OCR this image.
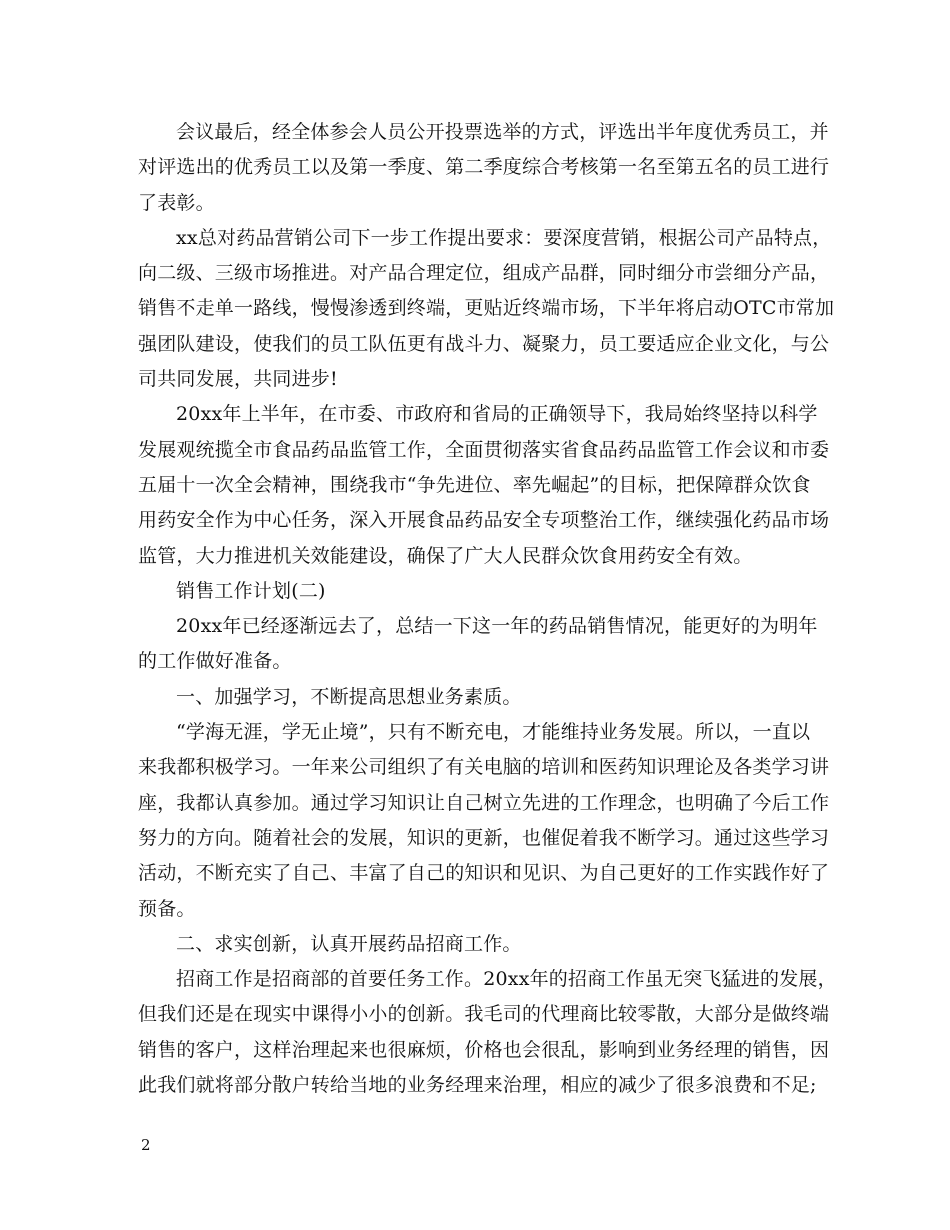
会议最后，经全体参会人员公开投票选举的方式，评选出半年度优秀员工，并
对评选出的优秀员工以及第一季度、第二季度综合考核第一名至第五名的员工进行
了表彰。
xx总对药品营销公司下一步工作提出要求：要深度营销，根据公司产品特点，
向二级、三级市场推进。对产品合理定位，组成产品群，同时细分市尝细分产品，
销售不走单一路线，慢慢渗透到终端，更贴近终端市场，下半年将启动OTC市常加
强团队建设，使我们的员工队伍更有战斗力、凝聚力，员工要适应企业文化，与公
司共同发展，共同进步!
20xx年上半年，在市委、市政府和省局的正确领导下，我局始终坚持以科学
发展观统揽全市食品药品监管工作，全面贯彻落实省食品药品监管工作会议和市委
五届十一次全会精神，围绕我市“争先进位、率先崛起”的目标，把保障群众饮食
用药安全作为中心任务，深入开展食品药品安全专项整治工作，继续强化药品市场
监管，大力推进机关效能建设，确保了广大人民群众饮食用药安全有效。
销售工作计划(二)
20xx年已经逐渐远去了，总结一下这一年的药品销售情况，能更好的为明年
的工作做好准备。
一、加强学习，不断提高思想业务素质。
“学海无涯，学无止境”，只有不断充电，才能维持业务发展。所以，一直以
来我都积极学习。一年来公司组织了有关电脑的培训和医药知识理论及各类学习讲
座，我都认真参加。通过学习知识让自己树立先进的工作理念，也明确了今后工作
努力的方向。随着社会的发展，知识的更新，也催促着我不断学习。通过这些学习
活动，不断充实了自己、丰富了自己的知识和见识、为自己更好的工作实践作好了
预备。
二、求实创新，认真开展药品招商工作。
招商工作是招商部的首要任务工作。20xx年的招商工作虽无突飞猛进的发展，
但我们还是在现实中课得小小的创新。我毛司的代理商比较零散，大部分是做终端
销售的客户，这样治理起来也很麻烦，价格也会很乱，影响到业务经理的销售，因
此我们就将部分散户转给当地的业务经理来治理，相应的减少了很多浪费和不足;
2
